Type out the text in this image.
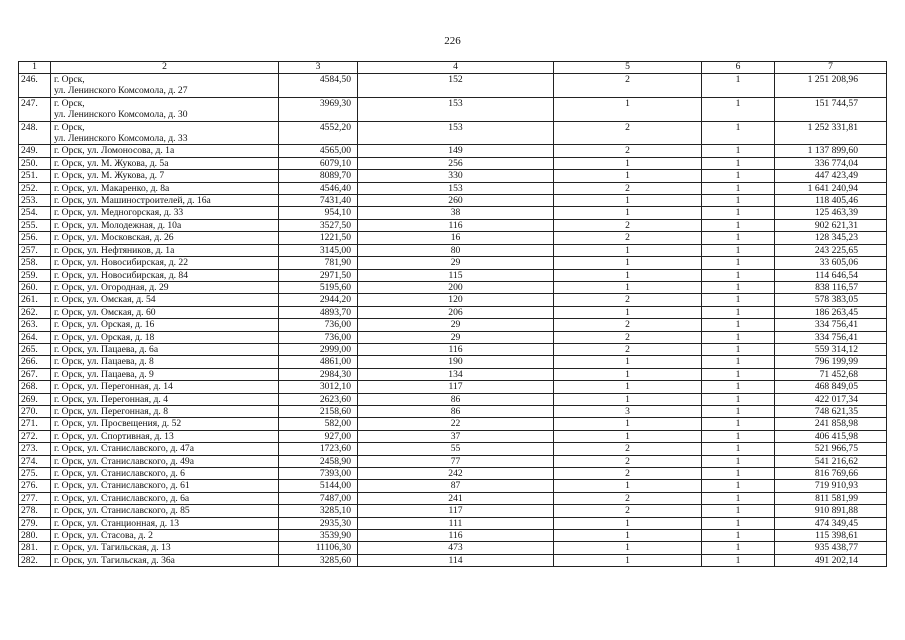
226
1	2	3	4	5	6	7
246.	г. Орск,
ул. Ленинского Комсомола, д. 27	4584,50	152	2	1	1 251 208,96
247.	г. Орск,
ул. Ленинского Комсомола, д. 30	3969,30	153	1	1	151 744,57
248.	г. Орск,
ул. Ленинского Комсомола, д. 33	4552,20	153	2	1	1 252 331,81
249.	г. Орск, ул. Ломоносова, д. 1а	4565,00	149	2	1	1 137 899,60
250.	г. Орск, ул. М. Жукова, д. 5а	6079,10	256	1	1	336 774,04
251.	г. Орск, ул. М. Жукова, д. 7	8089,70	330	1	1	447 423,49
252.	г. Орск, ул. Макаренко, д. 8а	4546,40	153	2	1	1 641 240,94
253.	г. Орск, ул. Машиностроителей, д. 16а	7431,40	260	1	1	118 405,46
254.	г. Орск, ул. Медногорская, д. 33	954,10	38	1	1	125 463,39
255.	г. Орск, ул. Молодежная, д. 10а	3527,50	116	2	1	902 621,31
256.	г. Орск, ул. Московская, д. 26	1221,50	16	2	1	128 345,23
257.	г. Орск, ул. Нефтяников, д. 1а	3145,00	80	1	1	243 225,65
258.	г. Орск, ул. Новосибирская, д. 22	781,90	29	1	1	33 605,06
259.	г. Орск, ул. Новосибирская, д. 84	2971,50	115	1	1	114 646,54
260.	г. Орск, ул. Огородная, д. 29	5195,60	200	1	1	838 116,57
261.	г. Орск, ул. Омская, д. 54	2944,20	120	2	1	578 383,05
262.	г. Орск, ул. Омская, д. 60	4893,70	206	1	1	186 263,45
263.	г. Орск, ул. Орская, д. 16	736,00	29	2	1	334 756,41
264.	г. Орск, ул. Орская, д. 18	736,00	29	2	1	334 756,41
265.	г. Орск, ул. Пацаева, д. 6а	2999,00	116	2	1	559 314,12
266.	г. Орск, ул. Пацаева, д. 8	4861,00	190	1	1	796 199,99
267.	г. Орск, ул. Пацаева, д. 9	2984,30	134	1	1	71 452,68
268.	г. Орск, ул. Перегонная, д. 14	3012,10	117	1	1	468 849,05
269.	г. Орск, ул. Перегонная, д. 4	2623,60	86	1	1	422 017,34
270.	г. Орск, ул. Перегонная, д. 8	2158,60	86	3	1	748 621,35
271.	г. Орск, ул. Просвещения, д. 52	582,00	22	1	1	241 858,98
272.	г. Орск, ул. Спортивная, д. 13	927,00	37	1	1	406 415,98
273.	г. Орск, ул. Станиславского, д. 47а	1723,60	55	2	1	521 966,75
274.	г. Орск, ул. Станиславского, д. 49а	2458,90	77	2	1	541 216,62
275.	г. Орск, ул. Станиславского, д. 6	7393,00	242	2	1	816 769,66
276.	г. Орск, ул. Станиславского, д. 61	5144,00	87	1	1	719 910,93
277.	г. Орск, ул. Станиславского, д. 6а	7487,00	241	2	1	811 581,99
278.	г. Орск, ул. Станиславского, д. 85	3285,10	117	2	1	910 891,88
279.	г. Орск, ул. Станционная, д. 13	2935,30	111	1	1	474 349,45
280.	г. Орск, ул. Стасова, д. 2	3539,90	116	1	1	115 398,61
281.	г. Орск, ул. Тагильская, д. 13	11106,30	473	1	1	935 438,77
282.	г. Орск, ул. Тагильская, д. 36а	3285,60	114	1	1	491 202,14
